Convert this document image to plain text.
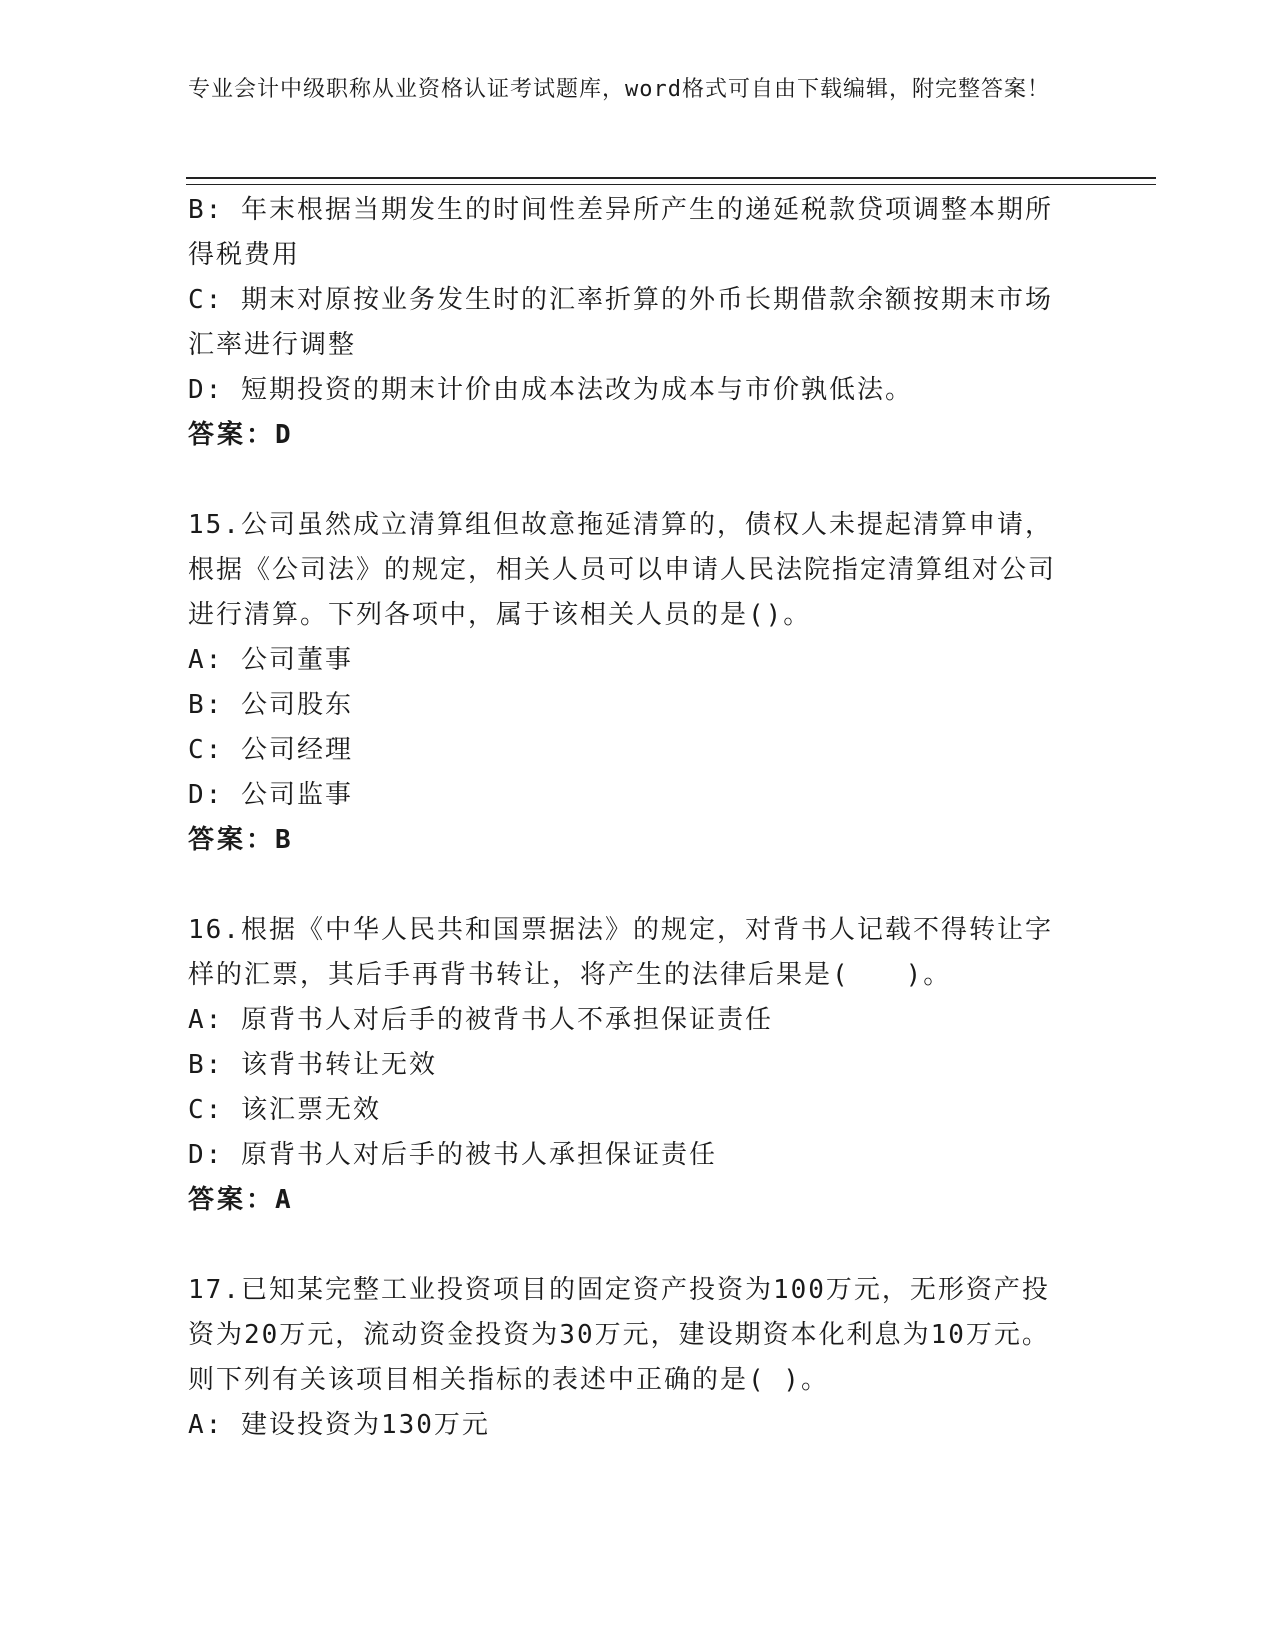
专业会计中级职称从业资格认证考试题库，word格式可自由下载编辑，附完整答案！

B: 年末根据当期发生的时间性差异所产生的递延税款贷项调整本期所得税费用

C: 期末对原按业务发生时的汇率折算的外币长期借款余额按期末市场汇率进行调整

D: 短期投资的期末计价由成本法改为成本与市价孰低法。

答案：D

15.公司虽然成立清算组但故意拖延清算的，债权人未提起清算申请，根据《公司法》的规定，相关人员可以申请人民法院指定清算组对公司进行清算。下列各项中，属于该相关人员的是()。

A: 公司董事

B: 公司股东

C: 公司经理

D: 公司监事

答案：B

16.根据《中华人民共和国票据法》的规定，对背书人记载不得转让字样的汇票，其后手再背书转让，将产生的法律后果是(　　)。

A: 原背书人对后手的被背书人不承担保证责任

B: 该背书转让无效

C: 该汇票无效

D: 原背书人对后手的被书人承担保证责任

答案：A

17.已知某完整工业投资项目的固定资产投资为100万元，无形资产投资为20万元，流动资金投资为30万元，建设期资本化利息为10万元。则下列有关该项目相关指标的表述中正确的是( )。

A: 建设投资为130万元
